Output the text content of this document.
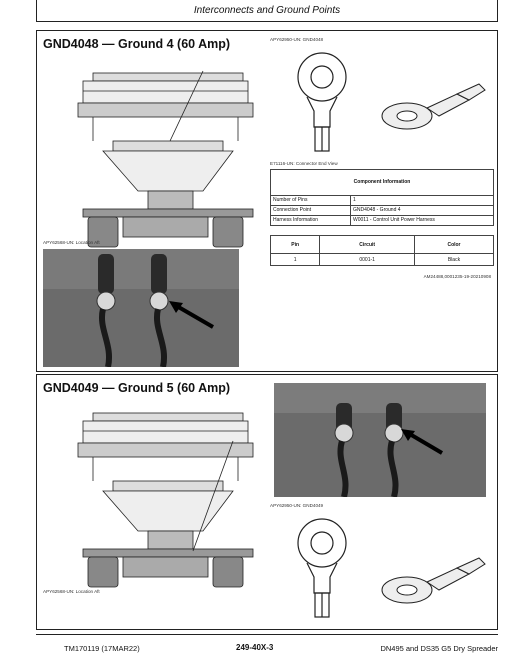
Interconnects and Ground Points
GND4048 — Ground 4 (60 Amp)
APY62568-UN: Location Aft
APY62950-UN: GND4048
E71116-UN: Connector End View
Component Information	
Number of Pins	1
Connection Point	GND4048 - Ground 4
Harness Information	W0011 - Control Unit Power Harness
Pin	Circuit	Color
1	0001-1	Black
AM24488,0001235-19-20210908
GND4049 — Ground 5 (60 Amp)
APY62568-UN: Location Aft
APY62950-UN: GND4049
TM170119 (17MAR22)	249-40X-3	DN495 and DS35 G5 Dry Spreader
